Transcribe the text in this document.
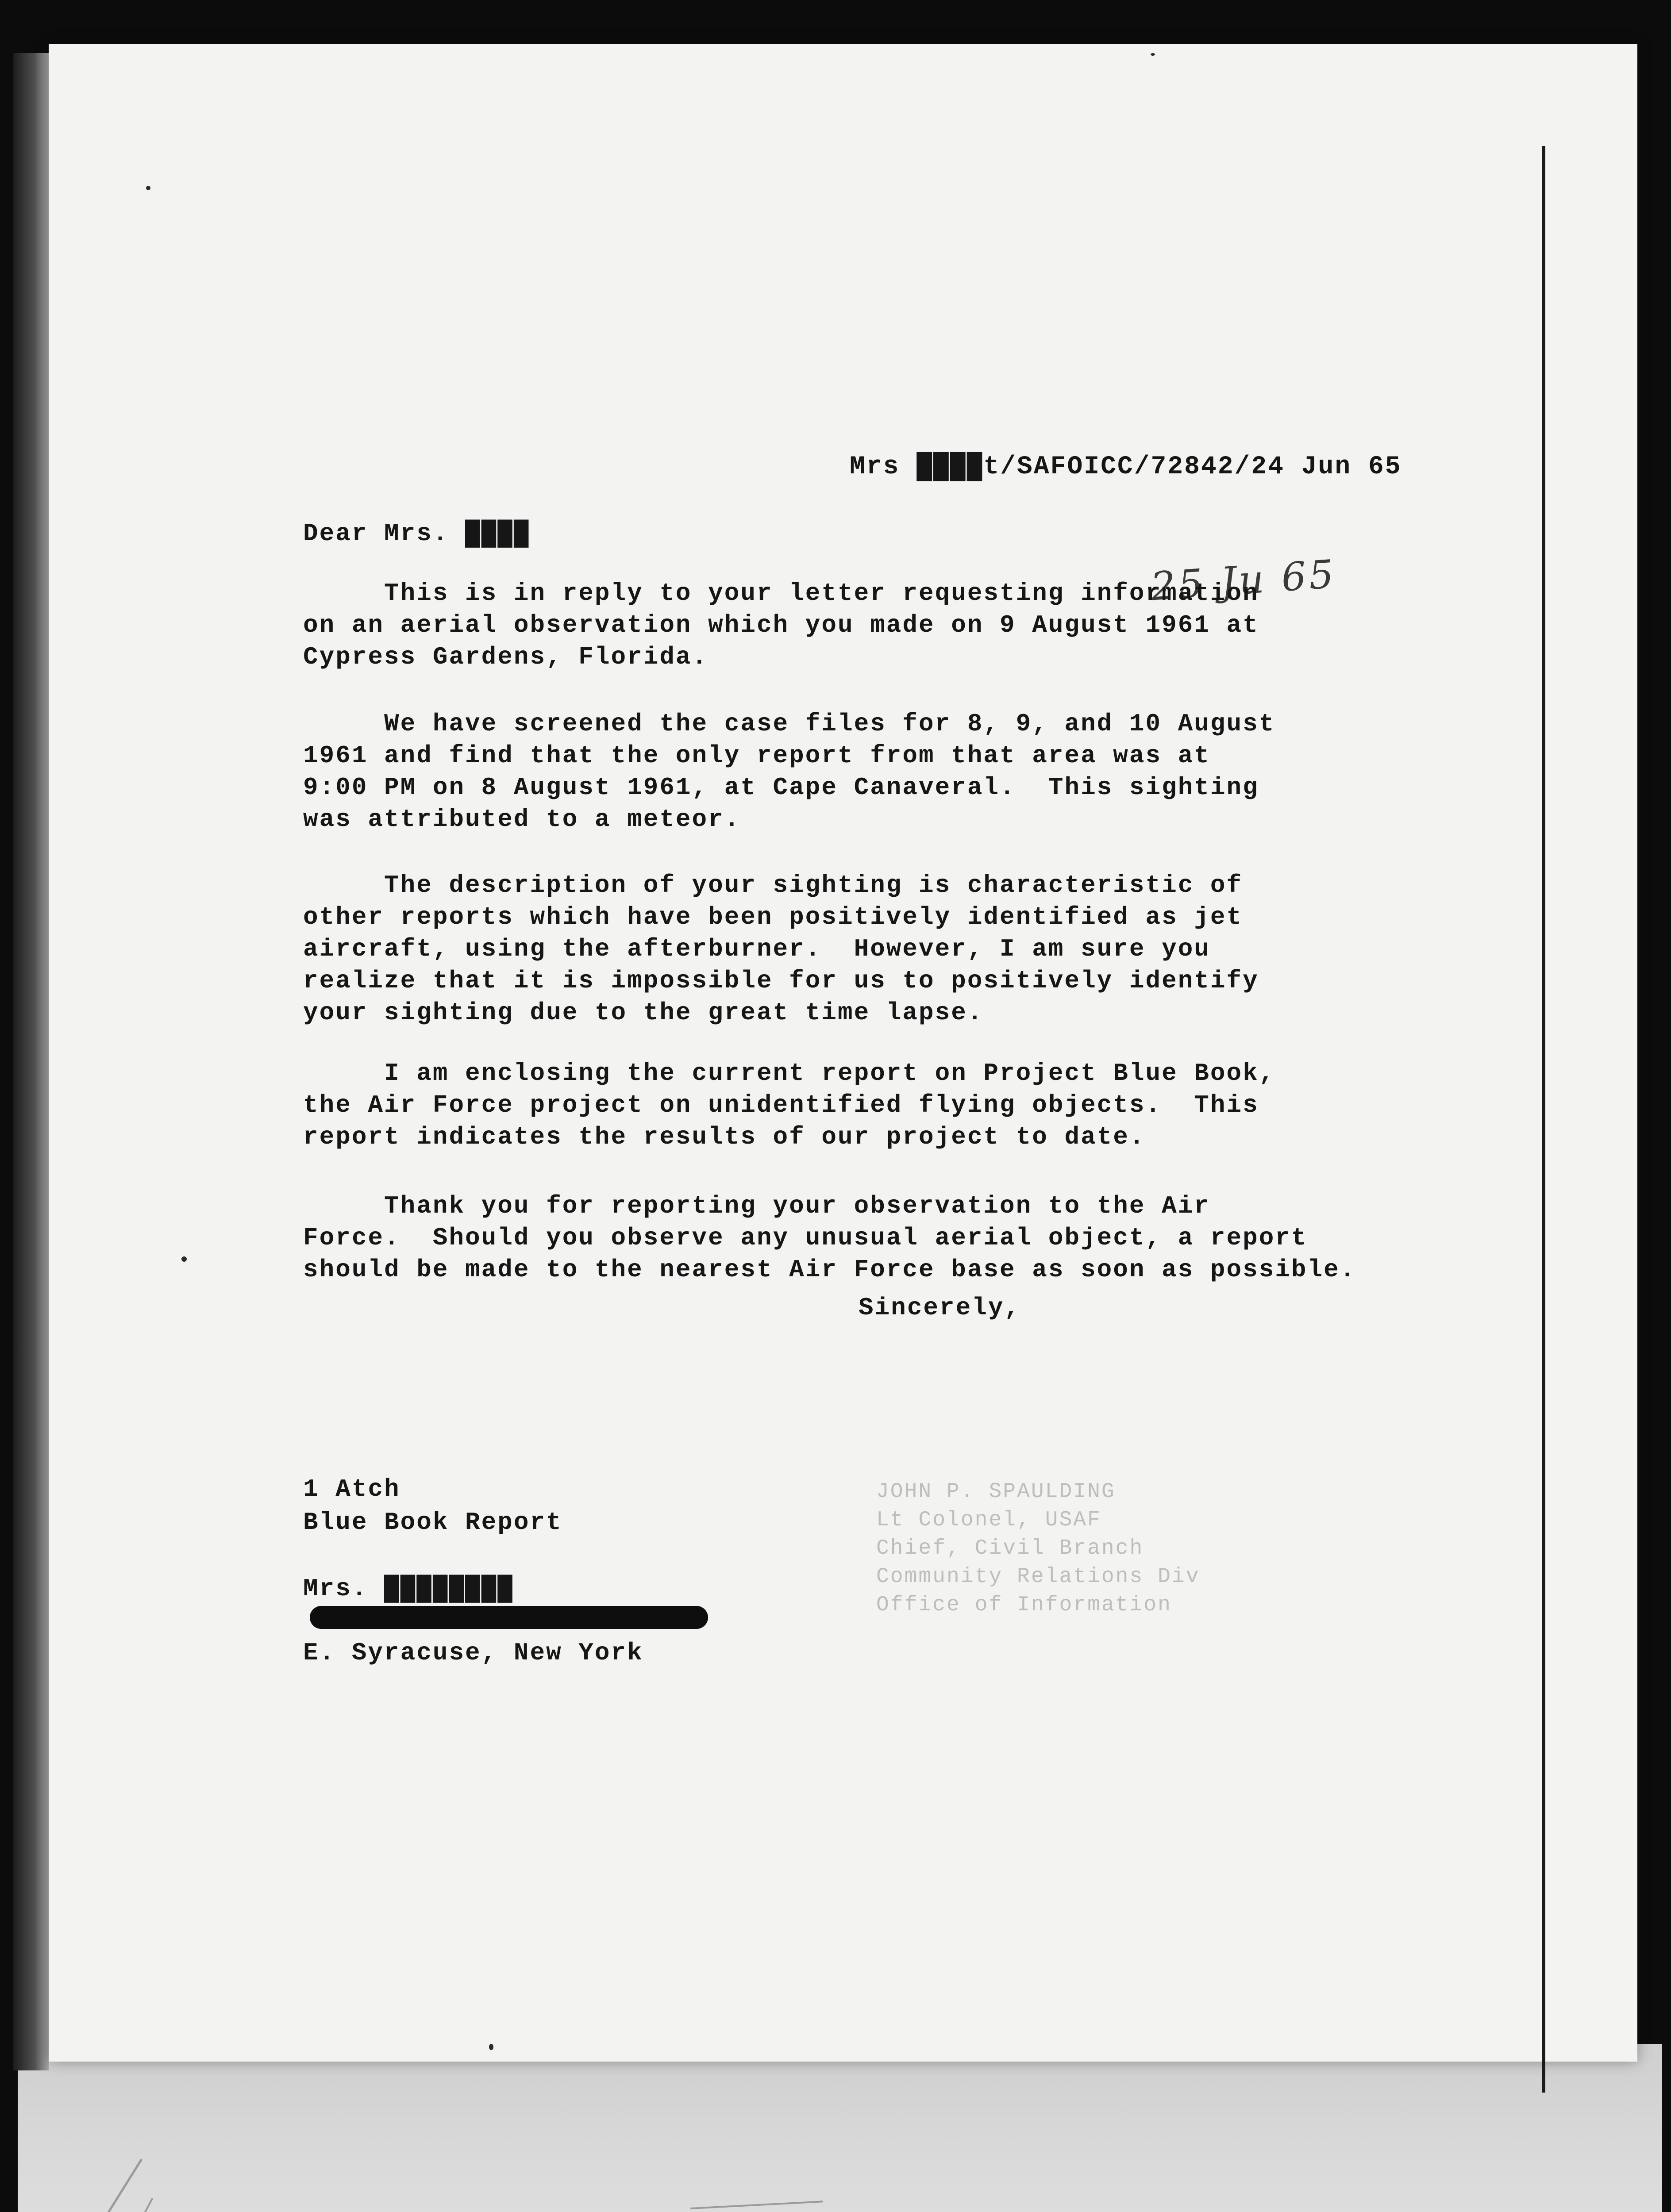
Mrs ████t/SAFOICC/72842/24 Jun 65
25 Ju 65
Dear Mrs. ████
This is in reply to your letter requesting information
on an aerial observation which you made on 9 August 1961 at
Cypress Gardens, Florida.
We have screened the case files for 8, 9, and 10 August
1961 and find that the only report from that area was at
9:00 PM on 8 August 1961, at Cape Canaveral.  This sighting
was attributed to a meteor.
The description of your sighting is characteristic of
other reports which have been positively identified as jet
aircraft, using the afterburner.  However, I am sure you
realize that it is impossible for us to positively identify
your sighting due to the great time lapse.
I am enclosing the current report on Project Blue Book,
the Air Force project on unidentified flying objects.  This
report indicates the results of our project to date.
Thank you for reporting your observation to the Air
Force.  Should you observe any unusual aerial object, a report
should be made to the nearest Air Force base as soon as possible.
Sincerely,
JOHN P. SPAULDING
Lt Colonel, USAF
Chief, Civil Branch
Community Relations Div
Office of Information
1 Atch
Blue Book Report
Mrs. ████████
E. Syracuse, New York
